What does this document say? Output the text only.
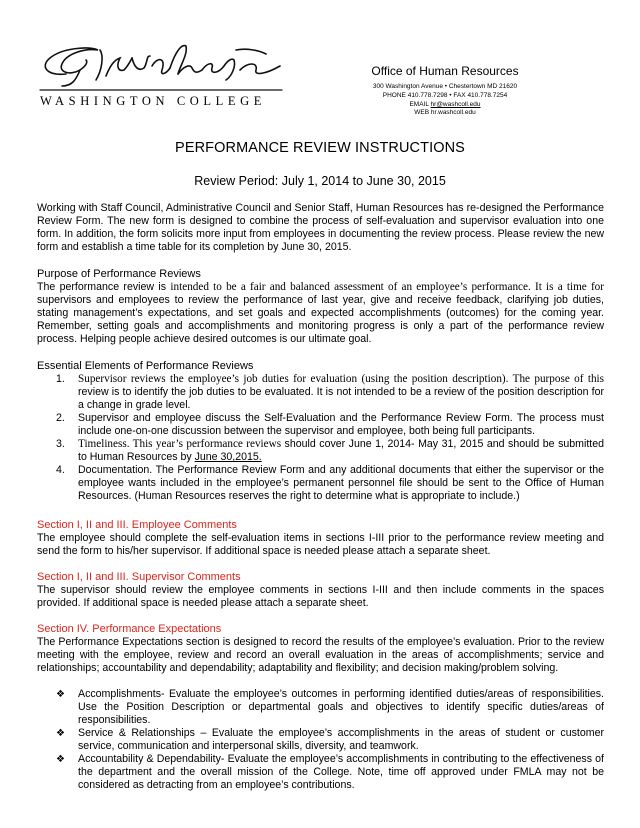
WASHINGTON COLLEGE
Office of Human Resources
300 Washington Avenue • Chestertown MD 21620
PHONE 410.778.7298 • FAX 410.778.7254
EMAIL hr@washcoll.edu
WEB hr.washcoll.edu
PERFORMANCE REVIEW INSTRUCTIONS
Review Period: July 1, 2014 to June 30, 2015
Working with Staff Council, Administrative Council and Senior Staff, Human Resources has re-designed the Performance Review Form. The new form is designed to combine the process of self-evaluation and supervisor evaluation into one form. In addition, the form solicits more input from employees in documenting the review process. Please review the new form and establish a time table for its completion by June 30, 2015.
Purpose of Performance Reviews
The performance review is intended to be a fair and balanced assessment of an employee’s performance. It is a time for supervisors and employees to review the performance of last year, give and receive feedback, clarifying job duties, stating management’s expectations, and set goals and expected accomplishments (outcomes) for the coming year. Remember, setting goals and accomplishments and monitoring progress is only a part of the performance review process. Helping people achieve desired outcomes is our ultimate goal.
Essential Elements of Performance Reviews
1. Supervisor reviews the employee’s job duties for evaluation (using the position description). The purpose of this review is to identify the job duties to be evaluated. It is not intended to be a review of the position description for a change in grade level.
2. Supervisor and employee discuss the Self-Evaluation and the Performance Review Form. The process must include one-on-one discussion between the supervisor and employee, both being full participants.
3. Timeliness. This year’s performance reviews should cover June 1, 2014- May 31, 2015 and should be submitted to Human Resources by June 30,2015.
4. Documentation. The Performance Review Form and any additional documents that either the supervisor or the employee wants included in the employee’s permanent personnel file should be sent to the Office of Human Resources. (Human Resources reserves the right to determine what is appropriate to include.)
Section I, II and III. Employee Comments
The employee should complete the self-evaluation items in sections I-III prior to the performance review meeting and send the form to his/her supervisor. If additional space is needed please attach a separate sheet.
Section I, II and III. Supervisor Comments
The supervisor should review the employee comments in sections I-III and then include comments in the spaces provided. If additional space is needed please attach a separate sheet.
Section IV. Performance Expectations
The Performance Expectations section is designed to record the results of the employee’s evaluation. Prior to the review meeting with the employee, review and record an overall evaluation in the areas of accomplishments; service and relationships; accountability and dependability; adaptability and flexibility; and decision making/problem solving.
❖ Accomplishments- Evaluate the employee’s outcomes in performing identified duties/areas of responsibilities. Use the Position Description or departmental goals and objectives to identify specific duties/areas of responsibilities.
❖ Service & Relationships – Evaluate the employee’s accomplishments in the areas of student or customer service, communication and interpersonal skills, diversity, and teamwork.
❖ Accountability & Dependability- Evaluate the employee’s accomplishments in contributing to the effectiveness of the department and the overall mission of the College. Note, time off approved under FMLA may not be considered as detracting from an employee’s contributions.
